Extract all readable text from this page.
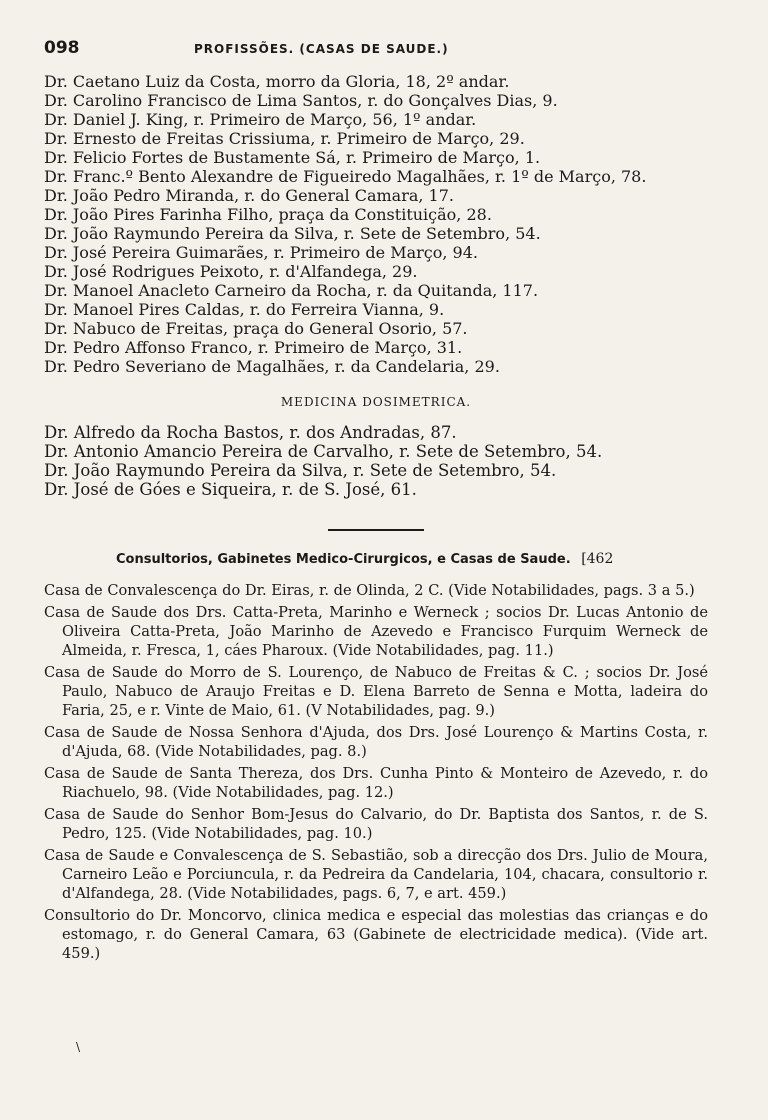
098	PROFISSÕES. (CASAS DE SAUDE.)
Dr. Caetano Luiz da Costa, morro da Gloria, 18, 2º andar.
Dr. Carolino Francisco de Lima Santos, r. do Gonçalves Dias, 9.
Dr. Daniel J. King, r. Primeiro de Março, 56, 1º andar.
Dr. Ernesto de Freitas Crissiuma, r. Primeiro de Março, 29.
Dr. Felicio Fortes de Bustamente Sá, r. Primeiro de Março, 1.
Dr. Franc.º Bento Alexandre de Figueiredo Magalhães, r. 1º de Março, 78.
Dr. João Pedro Miranda, r. do General Camara, 17.
Dr. João Pires Farinha Filho, praça da Constituição, 28.
Dr. João Raymundo Pereira da Silva, r. Sete de Setembro, 54.
Dr. José Pereira Guimarães, r. Primeiro de Março, 94.
Dr. José Rodrigues Peixoto, r. d'Alfandega, 29.
Dr. Manoel Anacleto Carneiro da Rocha, r. da Quitanda, 117.
Dr. Manoel Pires Caldas, r. do Ferreira Vianna, 9.
Dr. Nabuco de Freitas, praça do General Osorio, 57.
Dr. Pedro Affonso Franco, r. Primeiro de Março, 31.
Dr. Pedro Severiano de Magalhães, r. da Candelaria, 29.
MEDICINA DOSIMETRICA.
Dr. Alfredo da Rocha Bastos, r. dos Andradas, 87.
Dr. Antonio Amancio Pereira de Carvalho, r. Sete de Setembro, 54.
Dr. João Raymundo Pereira da Silva, r. Sete de Setembro, 54.
Dr. José de Góes e Siqueira, r. de S. José, 61.
Consultorios, Gabinetes Medico-Cirurgicos, e Casas de Saude. [462
Casa de Convalescença do Dr. Eiras, r. de Olinda, 2 C. (Vide Notabilidades, pags. 3 a 5.)
Casa de Saude dos Drs. Catta-Preta, Marinho e Werneck ; socios Dr. Lucas Antonio de Oliveira Catta-Preta, João Marinho de Azevedo e Francisco Furquim Werneck de Almeida, r. Fresca, 1, cáes Pharoux. (Vide Notabilidades, pag. 11.)
Casa de Saude do Morro de S. Lourenço, de Nabuco de Freitas & C. ; socios Dr. José Paulo, Nabuco de Araujo Freitas e D. Elena Barreto de Senna e Motta, ladeira do Faria, 25, e r. Vinte de Maio, 61. (V Notabilidades, pag. 9.)
Casa de Saude de Nossa Senhora d'Ajuda, dos Drs. José Lourenço & Martins Costa, r. d'Ajuda, 68. (Vide Notabilidades, pag. 8.)
Casa de Saude de Santa Thereza, dos Drs. Cunha Pinto & Monteiro de Azevedo, r. do Riachuelo, 98. (Vide Notabilidades, pag. 12.)
Casa de Saude do Senhor Bom-Jesus do Calvario, do Dr. Baptista dos Santos, r. de S. Pedro, 125. (Vide Notabilidades, pag. 10.)
Casa de Saude e Convalescença de S. Sebastião, sob a direcção dos Drs. Julio de Moura, Carneiro Leão e Porciuncula, r. da Pedreira da Candelaria, 104, chacara, consultorio r. d'Alfandega, 28. (Vide Notabilidades, pags. 6, 7, e art. 459.)
Consultorio do Dr. Moncorvo, clinica medica e especial das molestias das crianças e do estomago, r. do General Camara, 63 (Gabinete de electricidade medica). (Vide art. 459.)
\
